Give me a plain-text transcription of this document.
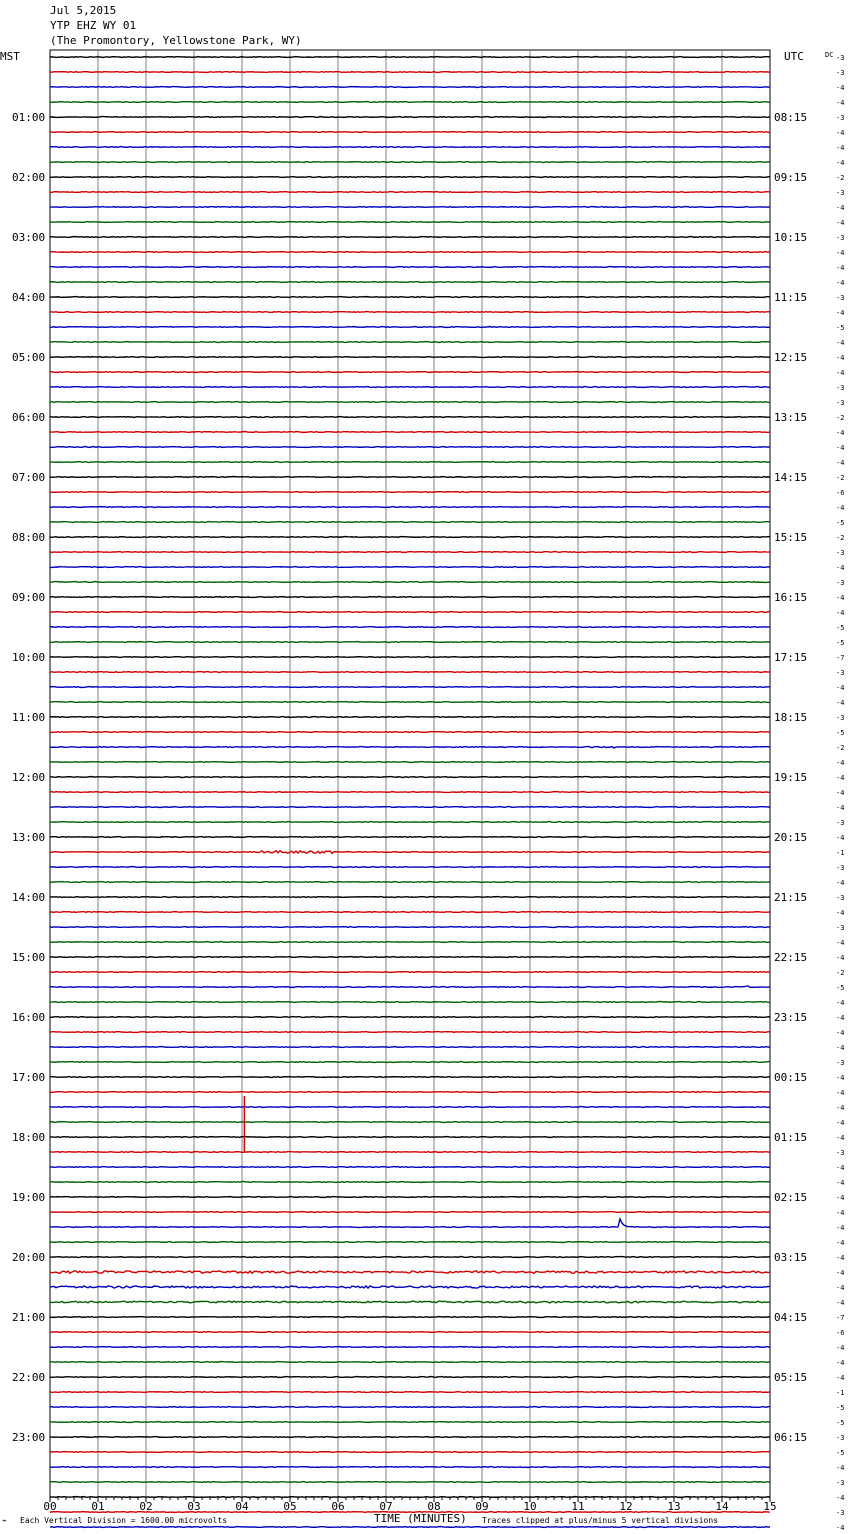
Jul 5,2015
YTP EHZ WY 01
(The Promontory, Yellowstone Park, WY)
MST	UTC	DC -3
-3
-4
-4
-3
-4
-4
-4
-2
-3
-4
-4
-3
-4
-4
-4
-3
-4
-5
-4
-4
-4
-3
-3
-2
-4
-4
-4
-2
-6
-4
-5
-2
-3
-4
-3
-4
-4
-5
-5
-7
-3
-4
-4
-3
-5
-2
-4
-4
-4
-4
-3
-4
-1
-3
-4
-3
-4
-3
-4
-4
-2
-5
-4
-4
-4
-4
-3
-4
-4
-4
-4
-4
-3
-4
-4
-4
-4
-4
-4
-4
-4
-4
-4
-7
-6
-4
-4
-4
-1
-5
-5
-3
-5
-4
-3
-4
-3
-4
01:00
02:00
03:00
04:00
05:00
06:00
07:00
08:00
09:00
10:00
11:00
12:00
13:00
14:00
15:00
16:00
17:00
18:00
19:00
20:00
21:00
22:00
23:00
08:15
09:15
10:15
11:15
12:15
13:15
14:15
15:15
16:15
17:15
18:15
19:15
20:15
21:15
22:15
23:15
00:15
01:15
02:15
03:15
04:15
05:15
06:15
00	01	02	03	04	05	06	07	08	09	10	11	12	13	14	15
⌁ Each Vertical Division = 1600.00 microvolts	TIME (MINUTES) Traces clipped at plus/minus 5 vertical divisions
